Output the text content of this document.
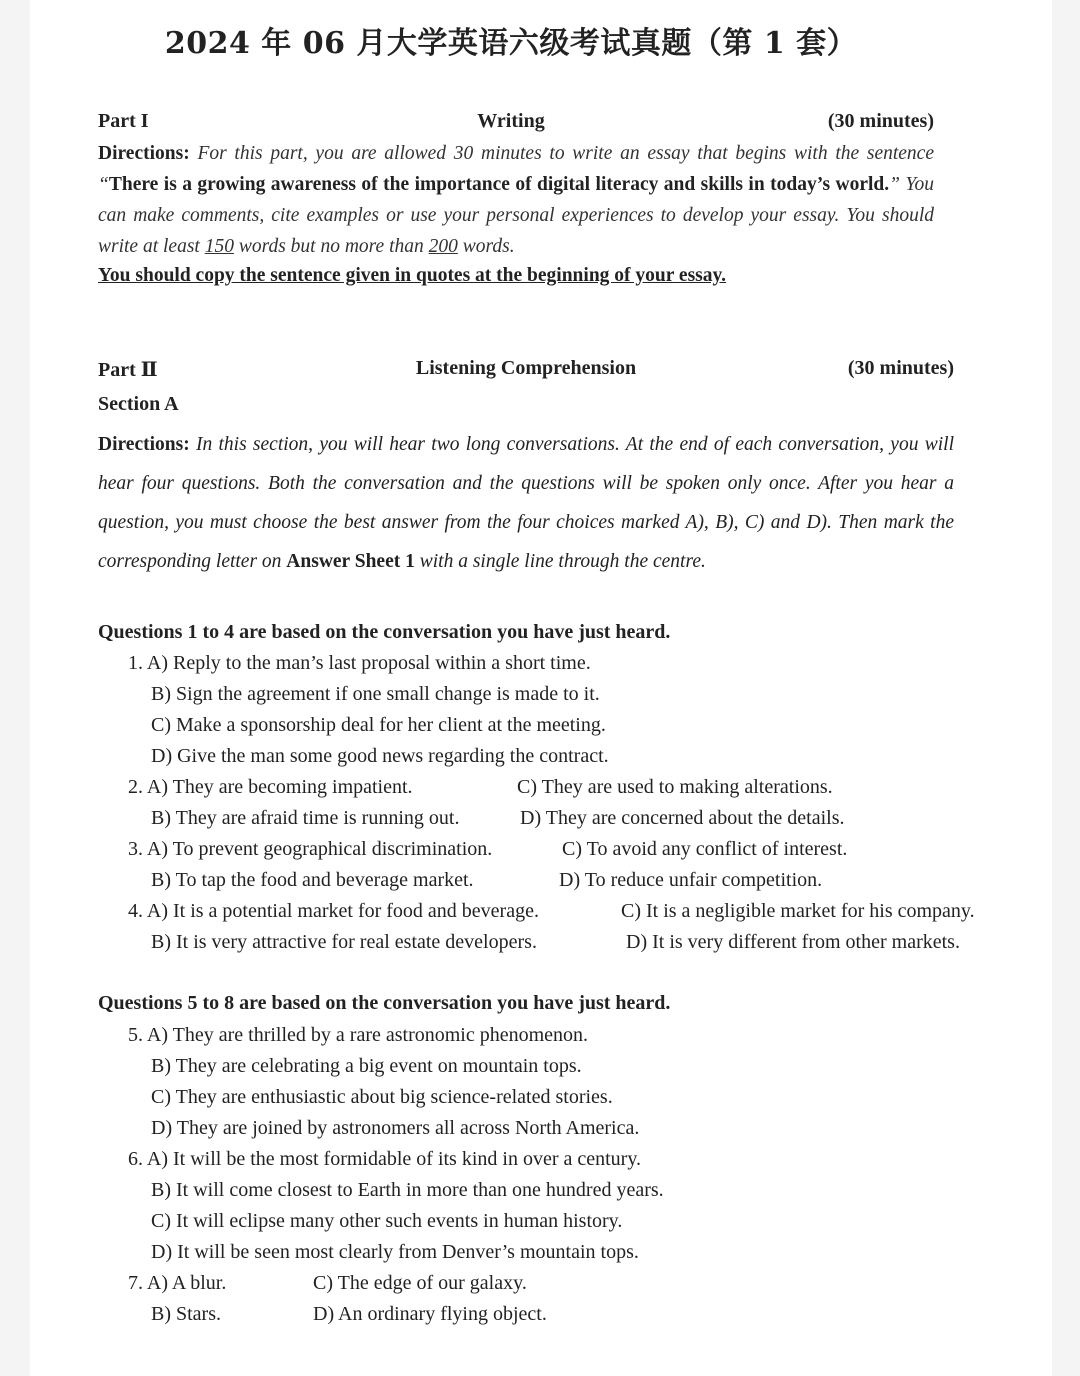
2024 年 06 月大学英语六级考试真题（第 1 套）
Part I	Writing	(30 minutes)
Directions: For this part, you are allowed 30 minutes to write an essay that begins with the sentence “There is a growing awareness of the importance of digital literacy and skills in today’s world.” You can make comments, cite examples or use your personal experiences to develop your essay. You should write at least 150 words but no more than 200 words.
You should copy the sentence given in quotes at the beginning of your essay.
Part Ⅱ	Listening Comprehension	(30 minutes)
Section A
Directions: In this section, you will hear two long conversations. At the end of each conversation, you will hear four questions. Both the conversation and the questions will be spoken only once. After you hear a question, you must choose the best answer from the four choices marked A), B), C) and D). Then mark the corresponding letter on Answer Sheet 1 with a single line through the centre.
Questions 1 to 4 are based on the conversation you have just heard.
1. A) Reply to the man’s last proposal within a short time.
B) Sign the agreement if one small change is made to it.
C) Make a sponsorship deal for her client at the meeting.
D) Give the man some good news regarding the contract.
2. A) They are becoming impatient.	C) They are used to making alterations.
B) They are afraid time is running out.	D) They are concerned about the details.
3. A) To prevent geographical discrimination.	C) To avoid any conflict of interest.
B) To tap the food and beverage market.	D) To reduce unfair competition.
4. A) It is a potential market for food and beverage.	C) It is a negligible market for his company.
B) It is very attractive for real estate developers.	D) It is very different from other markets.
Questions 5 to 8 are based on the conversation you have just heard.
5. A) They are thrilled by a rare astronomic phenomenon.
B) They are celebrating a big event on mountain tops.
C) They are enthusiastic about big science-related stories.
D) They are joined by astronomers all across North America.
6. A) It will be the most formidable of its kind in over a century.
B) It will come closest to Earth in more than one hundred years.
C) It will eclipse many other such events in human history.
D) It will be seen most clearly from Denver’s mountain tops.
7. A) A blur.	C) The edge of our galaxy.
B) Stars.	D) An ordinary flying object.
